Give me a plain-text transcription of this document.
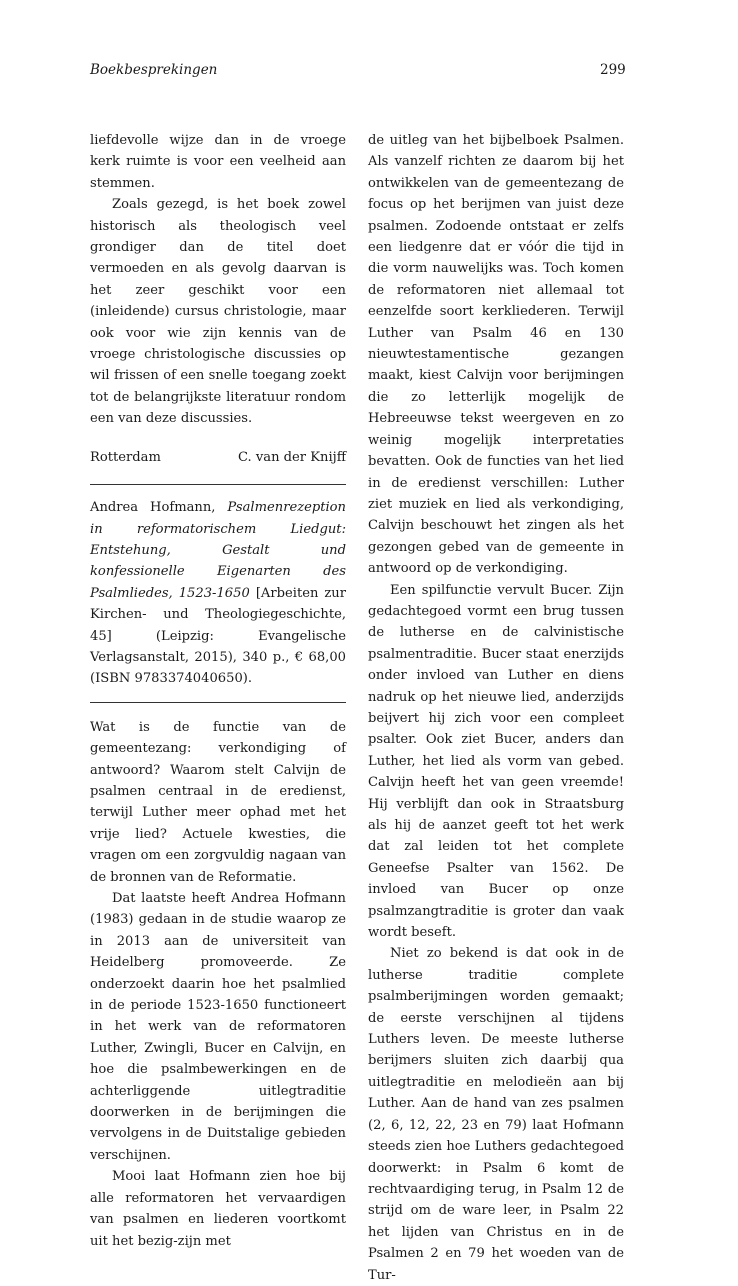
Boekbesprekingen	299

liefdevolle wijze dan in de vroege kerk ruimte is voor een veelheid aan stemmen.

Zoals gezegd, is het boek zowel historisch als theologisch veel grondiger dan de titel doet vermoeden en als gevolg daarvan is het zeer geschikt voor een (inleidende) cursus christologie, maar ook voor wie zijn kennis van de vroege christologische discussies op wil frissen of een snelle toegang zoekt tot de belangrijkste literatuur rondom een van deze discussies.

Rotterdam	C. van der Knijff

Andrea Hofmann, Psalmenrezeption in reformatorischem Liedgut: Entstehung, Gestalt und konfessionelle Eigenarten des Psalmliedes, 1523-1650 [Arbeiten zur Kirchen- und Theologiegeschichte, 45] (Leipzig: Evangelische Verlagsanstalt, 2015), 340 p., € 68,00 (ISBN 9783374040650).

Wat is de functie van de gemeentezang: verkondiging of antwoord? Waarom stelt Calvijn de psalmen centraal in de eredienst, terwijl Luther meer ophad met het vrije lied? Actuele kwesties, die vragen om een zorgvuldig nagaan van de bronnen van de Reformatie.

Dat laatste heeft Andrea Hofmann (1983) gedaan in de studie waarop ze in 2013 aan de universiteit van Heidelberg promoveerde. Ze onderzoekt daarin hoe het psalmlied in de periode 1523-1650 functioneert in het werk van de reformatoren Luther, Zwingli, Bucer en Calvijn, en hoe die psalmbewerkingen en de achterliggende uitlegtraditie doorwerken in de berijmingen die vervolgens in de Duitstalige gebieden verschijnen.

Mooi laat Hofmann zien hoe bij alle reformatoren het vervaardigen van psalmen en liederen voortkomt uit het bezig-zijn met

de uitleg van het bijbelboek Psalmen. Als vanzelf richten ze daarom bij het ontwikkelen van de gemeentezang de focus op het berijmen van juist deze psalmen. Zodoende ontstaat er zelfs een liedgenre dat er vóór die tijd in die vorm nauwelijks was. Toch komen de reformatoren niet allemaal tot eenzelfde soort kerkliederen. Terwijl Luther van Psalm 46 en 130 nieuwtestamentische gezangen maakt, kiest Calvijn voor berijmingen die zo letterlijk mogelijk de Hebreeuwse tekst weergeven en zo weinig mogelijk interpretaties bevatten. Ook de functies van het lied in de eredienst verschillen: Luther ziet muziek en lied als verkondiging, Calvijn beschouwt het zingen als het gezongen gebed van de gemeente in antwoord op de verkondiging.

Een spilfunctie vervult Bucer. Zijn gedachtegoed vormt een brug tussen de lutherse en de calvinistische psalmentraditie. Bucer staat enerzijds onder invloed van Luther en diens nadruk op het nieuwe lied, anderzijds beijvert hij zich voor een compleet psalter. Ook ziet Bucer, anders dan Luther, het lied als vorm van gebed. Calvijn heeft het van geen vreemde! Hij verblijft dan ook in Straatsburg als hij de aanzet geeft tot het werk dat zal leiden tot het complete Geneefse Psalter van 1562. De invloed van Bucer op onze psalmzangtraditie is groter dan vaak wordt beseft.

Niet zo bekend is dat ook in de lutherse traditie complete psalmberijmingen worden gemaakt; de eerste verschijnen al tijdens Luthers leven. De meeste lutherse berijmers sluiten zich daarbij qua uitlegtraditie en melodieën aan bij Luther. Aan de hand van zes psalmen (2, 6, 12, 22, 23 en 79) laat Hofmann steeds zien hoe Luthers gedachtegoed doorwerkt: in Psalm 6 komt de rechtvaardiging terug, in Psalm 12 de strijd om de ware leer, in Psalm 22 het lijden van Christus en in de Psalmen 2 en 79 het woeden van de Tur-
